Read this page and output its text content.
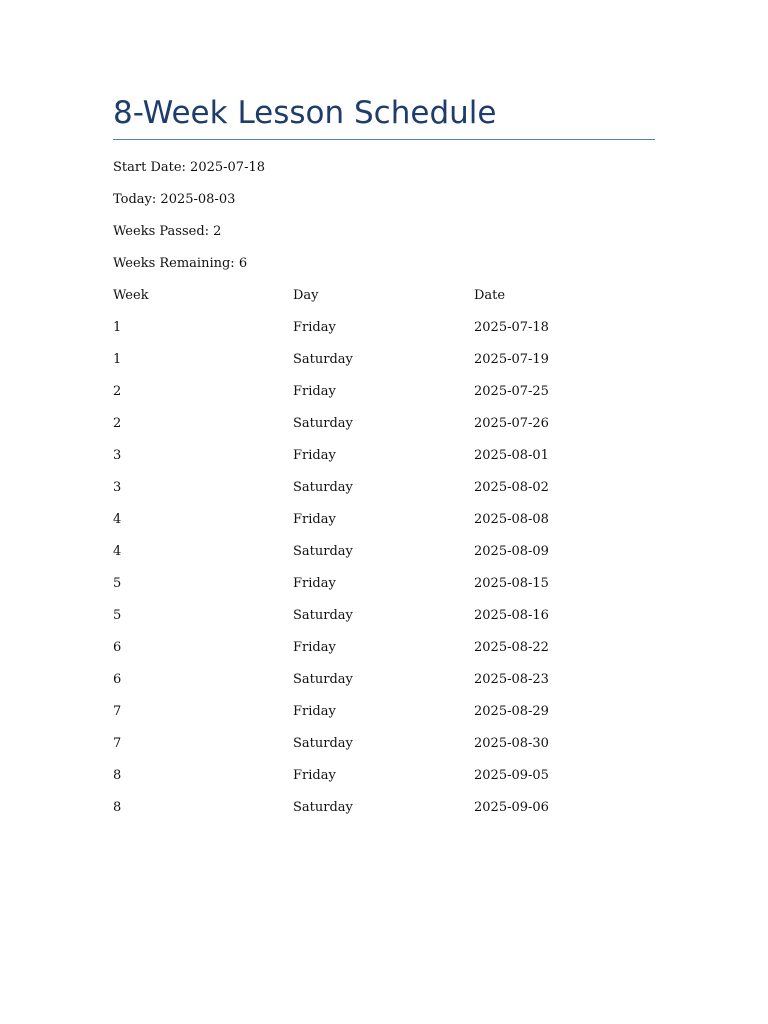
8-Week Lesson Schedule

Start Date: 2025-07-18

Today: 2025-08-03

Weeks Passed: 2

Weeks Remaining: 6

Week	Day	Date
1	Friday	2025-07-18
1	Saturday	2025-07-19
2	Friday	2025-07-25
2	Saturday	2025-07-26
3	Friday	2025-08-01
3	Saturday	2025-08-02
4	Friday	2025-08-08
4	Saturday	2025-08-09
5	Friday	2025-08-15
5	Saturday	2025-08-16
6	Friday	2025-08-22
6	Saturday	2025-08-23
7	Friday	2025-08-29
7	Saturday	2025-08-30
8	Friday	2025-09-05
8	Saturday	2025-09-06
